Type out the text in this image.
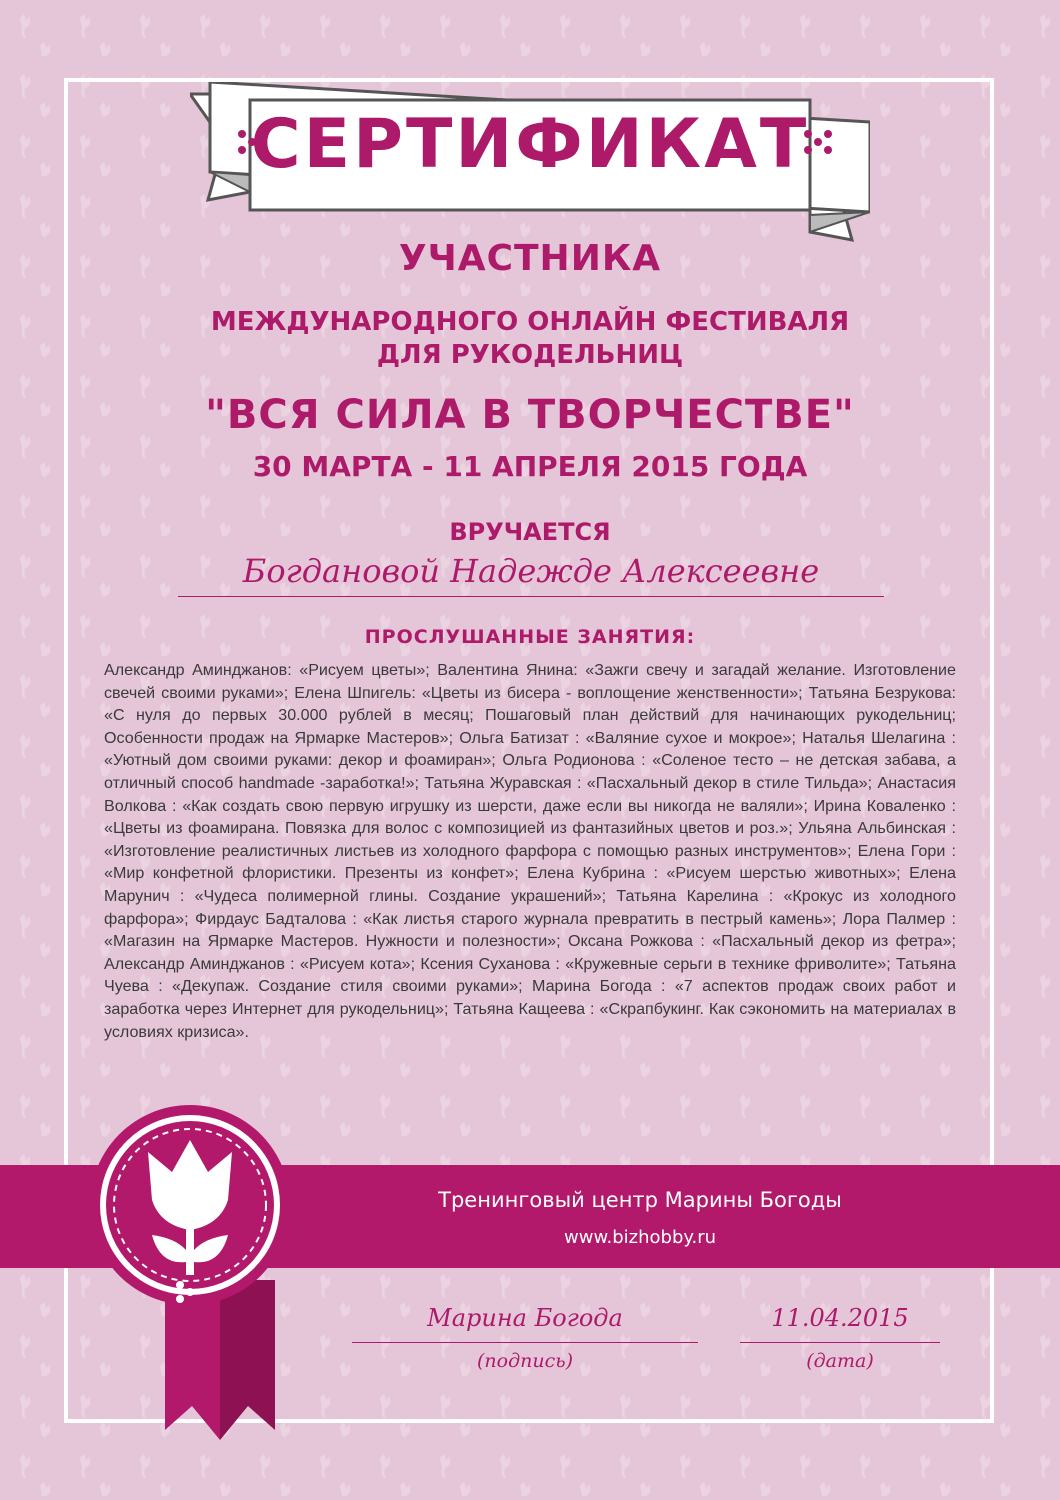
СЕРТИФИКАТ
УЧАСТНИКА
МЕЖДУНАРОДНОГО ОНЛАЙН ФЕСТИВАЛЯ
ДЛЯ РУКОДЕЛЬНИЦ
"ВСЯ СИЛА В ТВОРЧЕСТВЕ"
30 МАРТА - 11 АПРЕЛЯ 2015 ГОДА
ВРУЧАЕТСЯ
Богдановой Надежде Алексеевне
ПРОСЛУШАННЫЕ ЗАНЯТИЯ:
Александр Аминджанов: «Рисуем цветы»; Валентина Янина: «Зажги свечу и загадай желание. Изготовление свечей своими руками»; Елена Шпигель: «Цветы из бисера - воплощение женственности»; Татьяна Безрукова: «С нуля до первых 30.000 рублей в месяц; Пошаговый план действий для начинающих рукодельниц; Особенности продаж на Ярмарке Мастеров»; Ольга Батизат : «Валяние сухое и мокрое»; Наталья Шелагина : «Уютный дом своими руками: декор и фоамиран»; Ольга Родионова : «Соленое тесто – не детская забава, а отличный способ handmade -заработка!»; Татьяна Журавская : «Пасхальный декор в стиле Тильда»; Анастасия Волкова : «Как создать свою первую игрушку из шерсти, даже если вы никогда не валяли»; Ирина Коваленко : «Цветы из фоамирана. Повязка для волос с композицией из фантазийных цветов и роз.»; Ульяна Альбинская : «Изготовление реалистичных листьев из холодного фарфора с помощью разных инструментов»; Елена Гори : «Мир конфетной флористики. Презенты из конфет»; Елена Кубрина : «Рисуем шерстью животных»; Елена Марунич : «Чудеса полимерной глины. Создание украшений»; Татьяна Карелина : «Крокус из холодного фарфора»; Фирдаус Бадталова : «Как листья старого журнала превратить в пестрый камень»; Лора Палмер : «Магазин на Ярмарке Мастеров. Нужности и полезности»; Оксана Рожкова : «Пасхальный декор из фетра»; Александр Аминджанов : «Рисуем кота»; Ксения Суханова : «Кружевные серьги в технике фриволите»; Татьяна Чуева : «Декупаж. Создание стиля своими руками»; Марина Богода : «7 аспектов продаж своих работ и заработка через Интернет для рукодельниц»; Татьяна Кащеева : «Скрапбукинг. Как сэкономить на материалах в условиях кризиса».
Тренинговый центр Марины Богоды
www.bizhobby.ru
Марина Богода
(подпись)
11.04.2015
(дата)
